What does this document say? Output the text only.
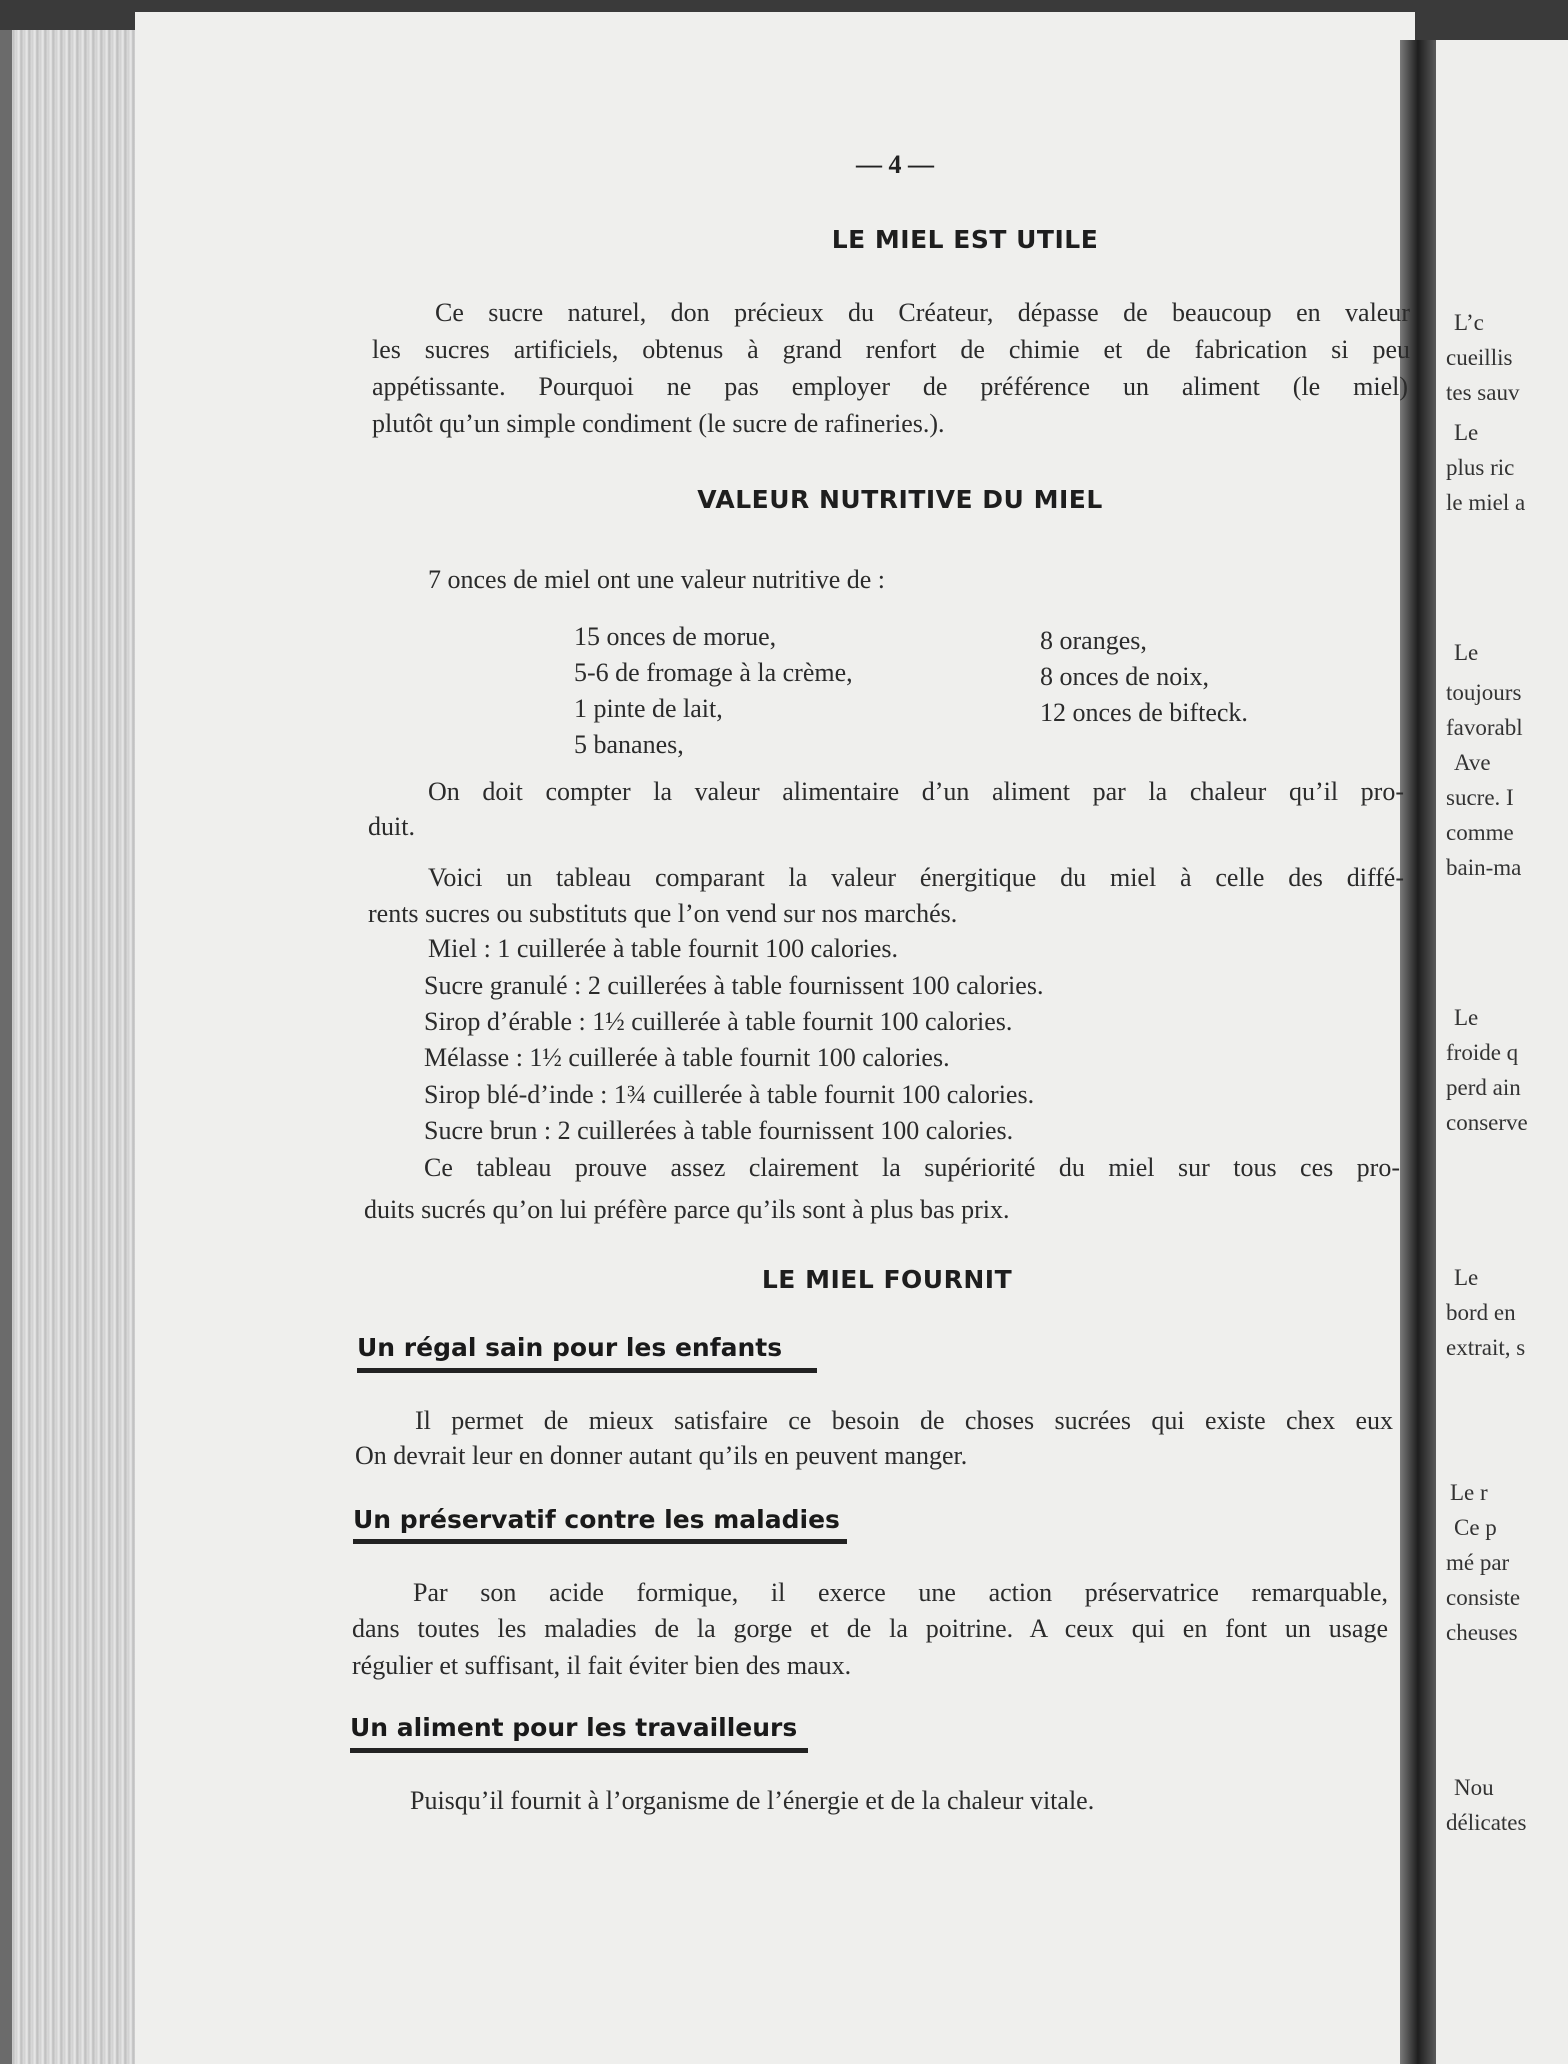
L’c
cueillis
tes sauv
Le
plus ric
le miel a
Le
toujours
favorabl
Ave
sucre. I
comme
bain-ma
Le
froide q
perd ain
conserve
Le
bord en
extrait, s
Le r
Ce p
mé par
consiste
cheuses
Nou
délicates
— 4 —
LE MIEL EST UTILE
Ce sucre naturel, don précieux du Créateur, dépasse de beaucoup en valeur
les sucres artificiels, obtenus à grand renfort de chimie et de fabrication si peu
appétissante. Pourquoi ne pas employer de préférence un aliment (le miel)
plutôt qu’un simple condiment (le sucre de rafineries.).
VALEUR NUTRITIVE DU MIEL
7 onces de miel ont une valeur nutritive de :
15 onces de morue,
5-6 de fromage à la crème,
1 pinte de lait,
5 bananes,
8 oranges,
8 onces de noix,
12 onces de bifteck.
On doit compter la valeur alimentaire d’un aliment par la chaleur qu’il pro-
duit.
Voici un tableau comparant la valeur énergitique du miel à celle des diffé-
rents sucres ou substituts que l’on vend sur nos marchés.
Miel : 1 cuillerée à table fournit 100 calories.
Sucre granulé : 2 cuillerées à table fournissent 100 calories.
Sirop d’érable : 1½ cuillerée à table fournit 100 calories.
Mélasse : 1½ cuillerée à table fournit 100 calories.
Sirop blé-d’inde : 1¾ cuillerée à table fournit 100 calories.
Sucre brun : 2 cuillerées à table fournissent 100 calories.
Ce tableau prouve assez clairement la supériorité du miel sur tous ces pro-
duits sucrés qu’on lui préfère parce qu’ils sont à plus bas prix.
LE MIEL FOURNIT
Un régal sain pour les enfants
Il permet de mieux satisfaire ce besoin de choses sucrées qui existe chex eux
On devrait leur en donner autant qu’ils en peuvent manger.
Un préservatif contre les maladies
Par son acide formique, il exerce une action préservatrice remarquable,
dans toutes les maladies de la gorge et de la poitrine. A ceux qui en font un usage
régulier et suffisant, il fait éviter bien des maux.
Un aliment pour les travailleurs
Puisqu’il fournit à l’organisme de l’énergie et de la chaleur vitale.
